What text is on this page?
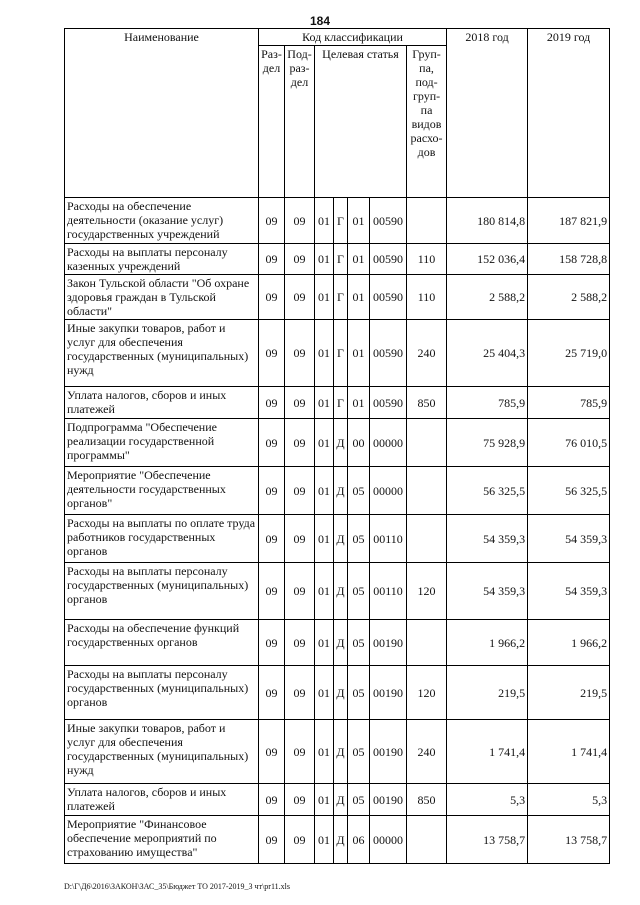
184
Наименование	Код классификации							2018 год	2019 год
	Раз-дел	Под-раз-дел	Целевая статья				Груп-па, под-груп-па видов расхо-дов		
Расходы на обеспечение деятельности (оказание услуг) государственных учреждений	09	09	01	Г	01	00590		180 814,8	187 821,9
Расходы на выплаты персоналу казенных учреждений	09	09	01	Г	01	00590	110	152 036,4	158 728,8
Закон Тульской области "Об охране здоровья граждан в Тульской области"	09	09	01	Г	01	00590	110	2 588,2	2 588,2
Иные закупки товаров, работ и услуг для обеспечения государственных (муниципальных) нужд	09	09	01	Г	01	00590	240	25 404,3	25 719,0
Уплата налогов, сборов и иных платежей	09	09	01	Г	01	00590	850	785,9	785,9
Подпрограмма "Обеспечение реализации государственной программы"	09	09	01	Д	00	00000		75 928,9	76 010,5
Мероприятие "Обеспечение деятельности государственных органов"	09	09	01	Д	05	00000		56 325,5	56 325,5
Расходы на выплаты по оплате труда работников государственных органов	09	09	01	Д	05	00110		54 359,3	54 359,3
Расходы на выплаты персоналу государственных (муниципальных) органов	09	09	01	Д	05	00110	120	54 359,3	54 359,3
Расходы на обеспечение функций государственных органов	09	09	01	Д	05	00190		1 966,2	1 966,2
Расходы на выплаты персоналу государственных (муниципальных) органов	09	09	01	Д	05	00190	120	219,5	219,5
Иные закупки товаров, работ и услуг для обеспечения государственных (муниципальных) нужд	09	09	01	Д	05	00190	240	1 741,4	1 741,4
Уплата налогов, сборов и иных платежей	09	09	01	Д	05	00190	850	5,3	5,3
Мероприятие "Финансовое обеспечение мероприятий по страхованию имущества"	09	09	01	Д	06	00000		13 758,7	13 758,7
D:\Г\Д6\2016\ЗАКОН\ЗАС_35\Бюджет ТО 2017-2019_3 чт\pr11.xls
